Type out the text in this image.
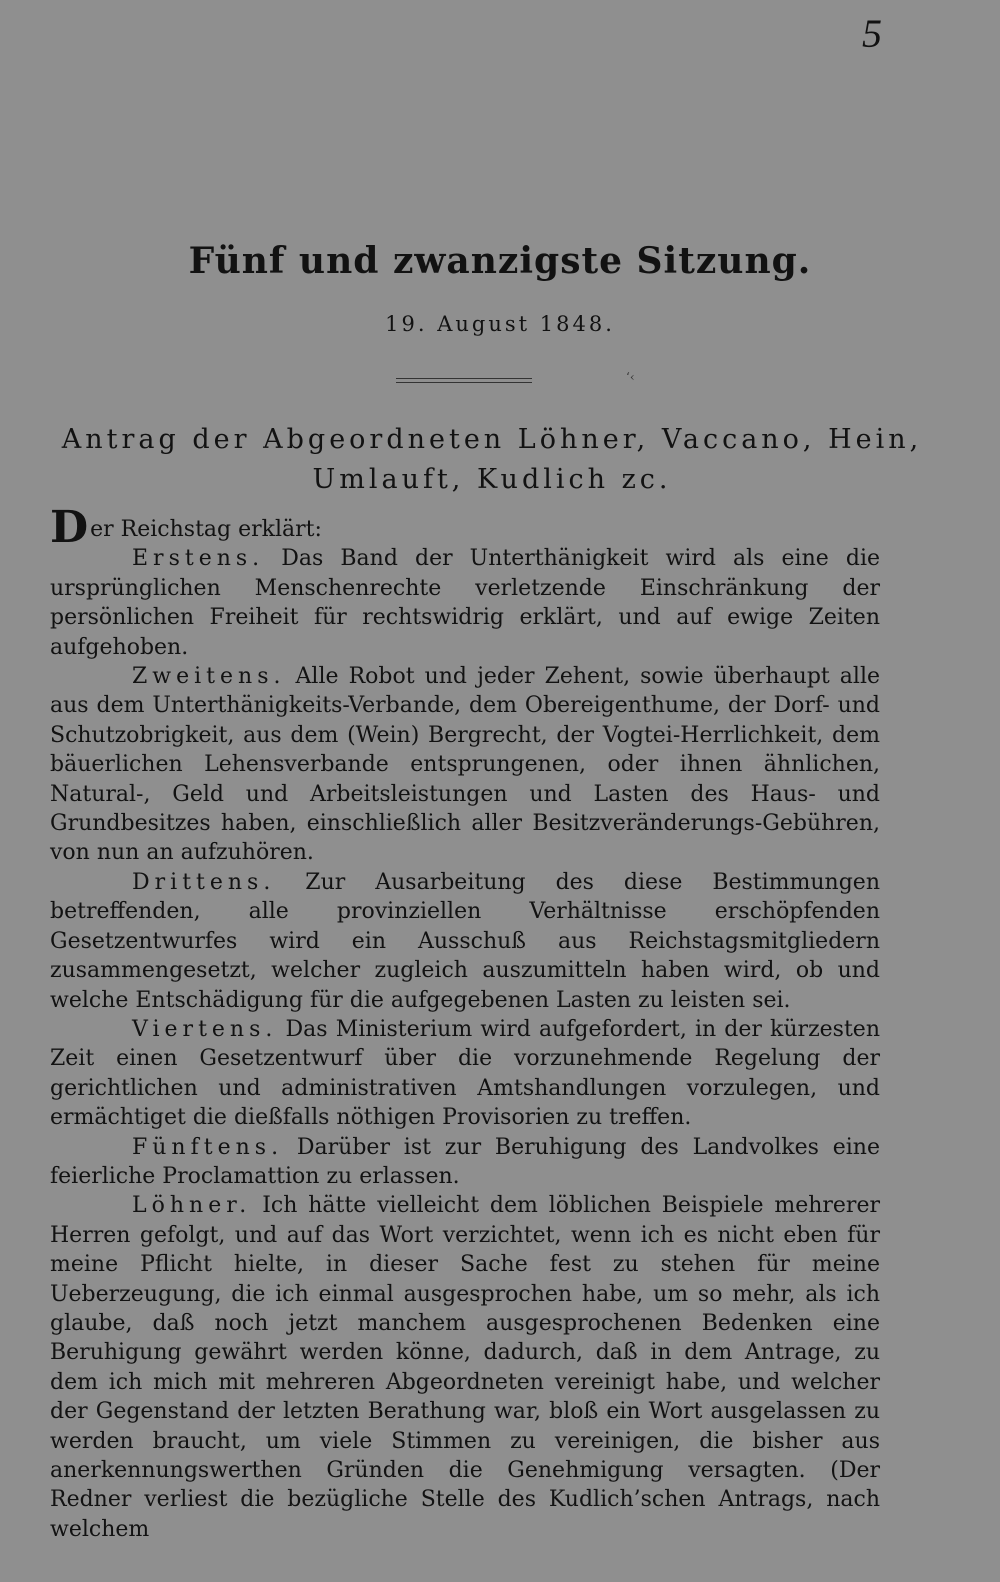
5
Fünf und zwanzigste Sitzung.
19. August 1848.
‘‹
Antrag der Abgeordneten Löhner, Vaccano, Hein,
Umlauft, Kudlich zc.

Der Reichstag erklärt:

Erstens. Das Band der Unterthänigkeit wird als eine die ursprünglichen Menschenrechte verletzende Einschränkung der persönlichen Freiheit für rechtswidrig erklärt, und auf ewige Zeiten aufgehoben.

Zweitens. Alle Robot und jeder Zehent, sowie überhaupt alle aus dem Unterthänigkeits-Verbande, dem Obereigenthume, der Dorf- und Schutzobrigkeit, aus dem (Wein) Bergrecht, der Vogtei-Herrlichkeit, dem bäuerlichen Lehensverbande entsprungenen, oder ihnen ähnlichen, Natural-, Geld und Arbeitsleistungen und Lasten des Haus- und Grundbesitzes haben, einschließlich aller Besitzveränderungs-Gebühren, von nun an aufzuhören.

Drittens. Zur Ausarbeitung des diese Bestimmungen betreffenden, alle provinziellen Verhältnisse erschöpfenden Gesetzentwurfes wird ein Ausschuß aus Reichstagsmitgliedern zusammengesetzt, welcher zugleich auszumitteln haben wird, ob und welche Entschädigung für die aufgegebenen Lasten zu leisten sei.

Viertens. Das Ministerium wird aufgefordert, in der kürzesten Zeit einen Gesetzentwurf über die vorzunehmende Regelung der gerichtlichen und administrativen Amtshandlungen vorzulegen, und ermächtiget die dießfalls nöthigen Provisorien zu treffen.

Fünftens. Darüber ist zur Beruhigung des Landvolkes eine feierliche Proclamattion zu erlassen.

Löhner. Ich hätte vielleicht dem löblichen Beispiele mehrerer Herren gefolgt, und auf das Wort verzichtet, wenn ich es nicht eben für meine Pflicht hielte, in dieser Sache fest zu stehen für meine Ueberzeugung, die ich einmal ausgesprochen habe, um so mehr, als ich glaube, daß noch jetzt manchem ausgesprochenen Bedenken eine Beruhigung gewährt werden könne, dadurch, daß in dem Antrage, zu dem ich mich mit mehreren Abgeordneten vereinigt habe, und welcher der Gegenstand der letzten Berathung war, bloß ein Wort ausgelassen zu werden braucht, um viele Stimmen zu vereinigen, die bisher aus anerkennungswerthen Gründen die Genehmigung versagten. (Der Redner verliest die bezügliche Stelle des Kudlich’schen Antrags, nach welchem
